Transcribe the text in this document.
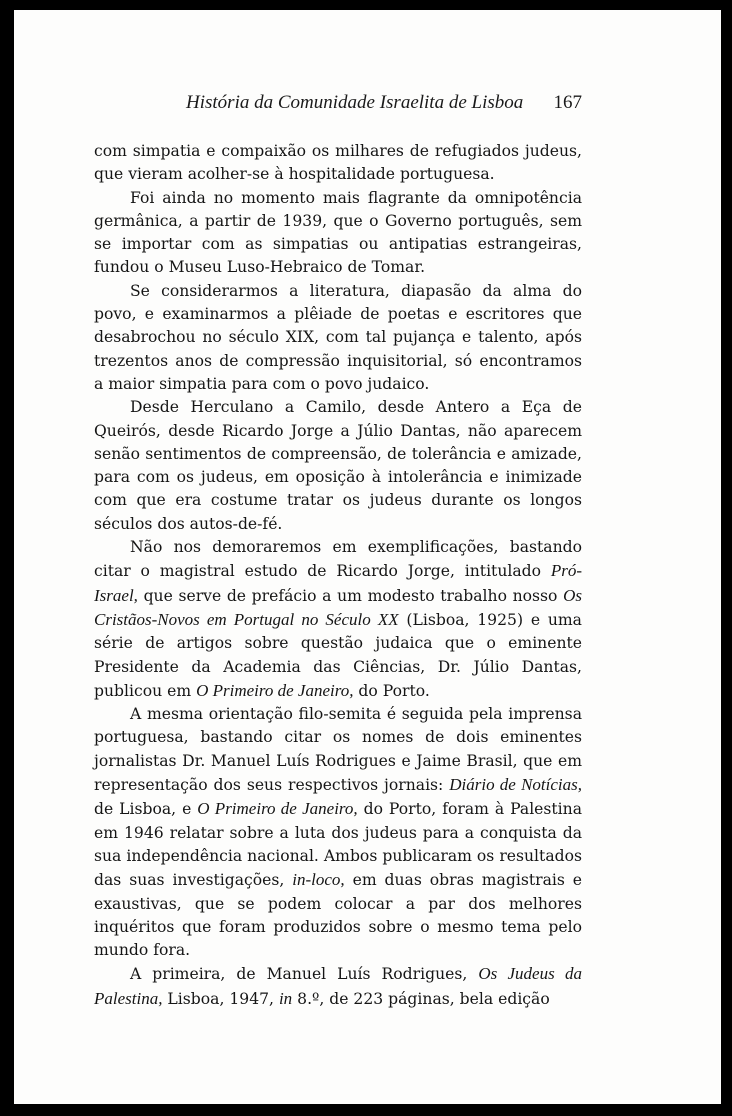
História da Comunidade Israelita de Lisboa 167

com simpatia e compaixão os milhares de refugiados judeus, que vieram acolher-se à hospitalidade portuguesa.

Foi ainda no momento mais flagrante da omnipotência germânica, a partir de 1939, que o Governo português, sem se importar com as simpatias ou antipatias estrangeiras, fundou o Museu Luso-Hebraico de Tomar.

Se considerarmos a literatura, diapasão da alma do povo, e examinarmos a plêiade de poetas e escritores que desabrochou no século XIX, com tal pujança e talento, após trezentos anos de compressão inquisitorial, só encontramos a maior simpatia para com o povo judaico.

Desde Herculano a Camilo, desde Antero a Eça de Queirós, desde Ricardo Jorge a Júlio Dantas, não aparecem senão sentimentos de compreensão, de tolerância e amizade, para com os judeus, em oposição à intolerância e inimizade com que era costume tratar os judeus durante os longos séculos dos autos-de-fé.

Não nos demoraremos em exemplificações, bastando citar o magistral estudo de Ricardo Jorge, intitulado Pró-Israel, que serve de prefácio a um modesto trabalho nosso Os Cristãos-Novos em Portugal no Século XX (Lisboa, 1925) e uma série de artigos sobre questão judaica que o eminente Presidente da Academia das Ciências, Dr. Júlio Dantas, publicou em O Primeiro de Janeiro, do Porto.

A mesma orientação filo-semita é seguida pela imprensa portuguesa, bastando citar os nomes de dois eminentes jornalistas Dr. Manuel Luís Rodrigues e Jaime Brasil, que em representação dos seus respectivos jornais: Diário de Notícias, de Lisboa, e O Primeiro de Janeiro, do Porto, foram à Palestina em 1946 relatar sobre a luta dos judeus para a conquista da sua independência nacional. Ambos publicaram os resultados das suas investigações, in-loco, em duas obras magistrais e exaustivas, que se podem colocar a par dos melhores inquéritos que foram produzidos sobre o mesmo tema pelo mundo fora.

A primeira, de Manuel Luís Rodrigues, Os Judeus da Palestina, Lisboa, 1947, in 8.º, de 223 páginas, bela edição
